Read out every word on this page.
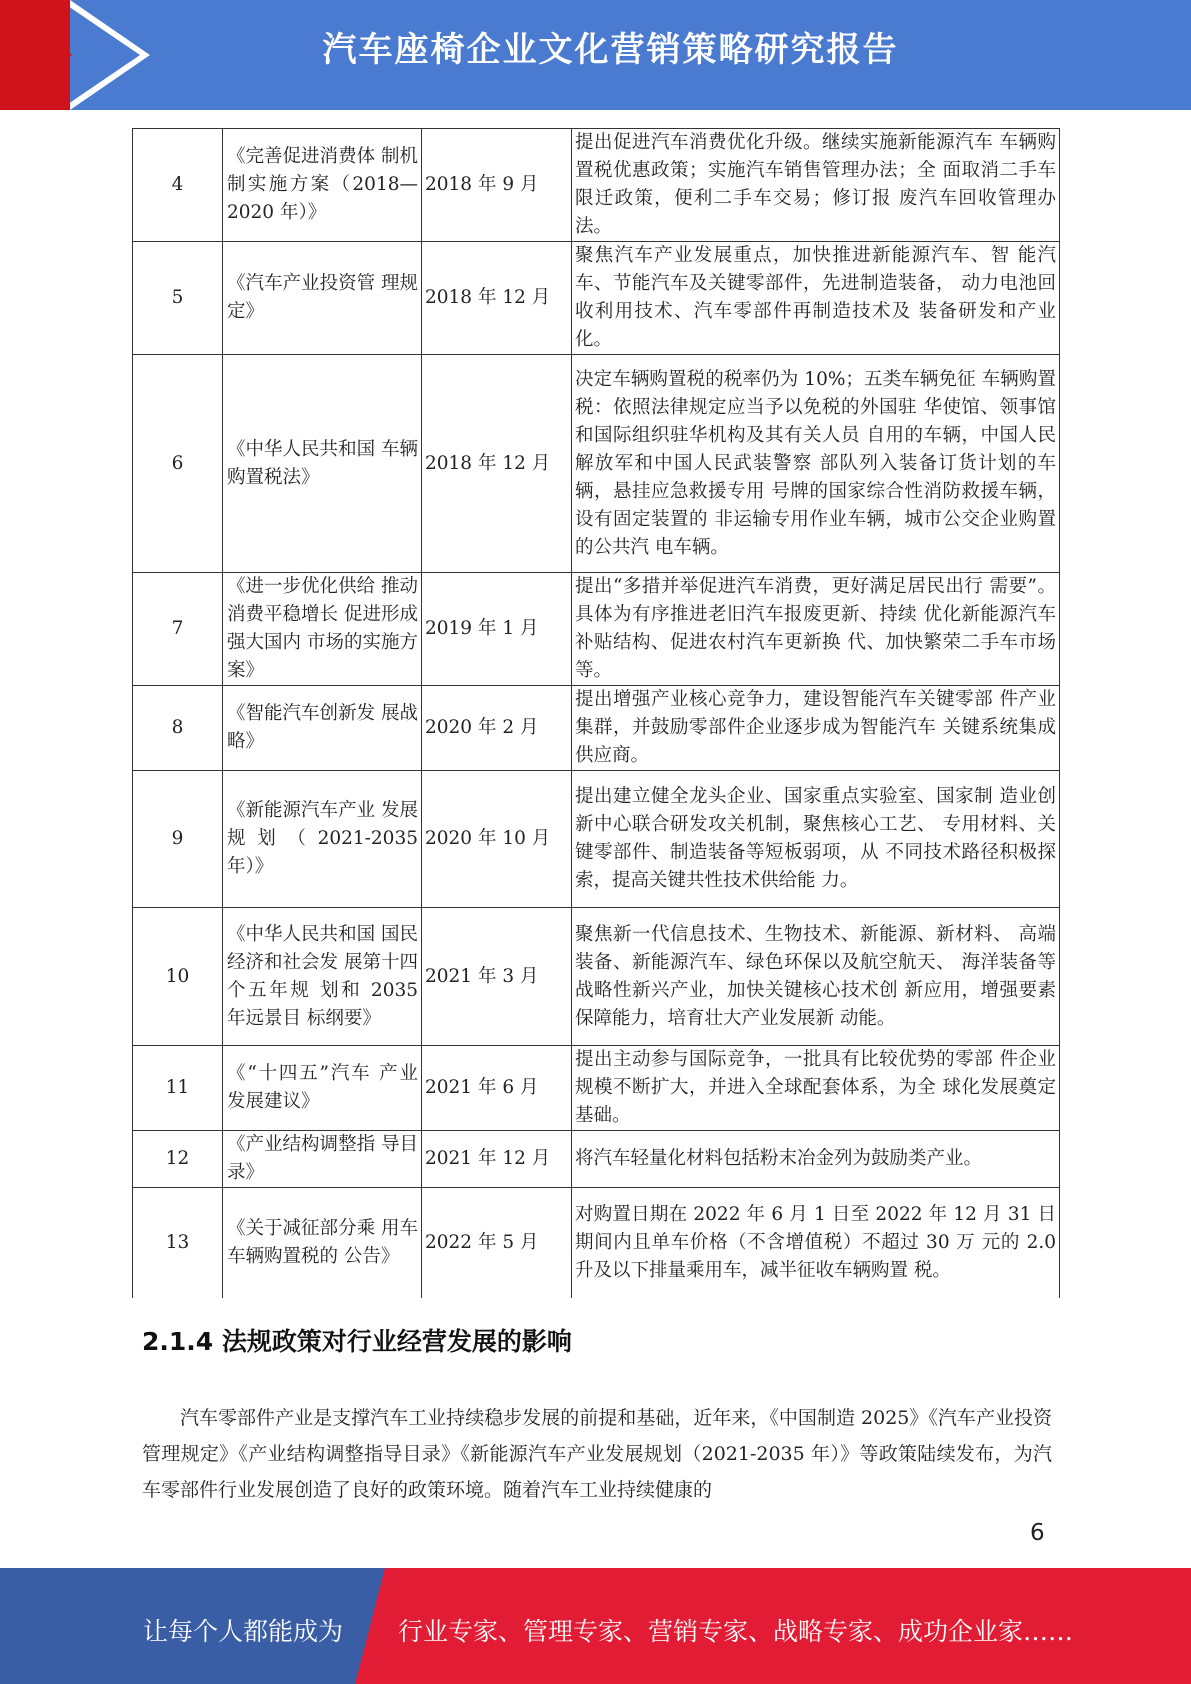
汽车座椅企业文化营销策略研究报告
4	《完善促进消费体 制机制实施方案（2018—2020 年）》	2018 年 9 月	提出促进汽车消费优化升级。继续实施新能源汽车 车辆购置税优惠政策；实施汽车销售管理办法；全 面取消二手车限迁政策，便利二手车交易；修订报 废汽车回收管理办法。
5	《汽车产业投资管 理规定》	2018 年 12 月	聚焦汽车产业发展重点，加快推进新能源汽车、智 能汽车、节能汽车及关键零部件，先进制造装备， 动力电池回收利用技术、汽车零部件再制造技术及 装备研发和产业化。
6	《中华人民共和国 车辆购置税法》	2018 年 12 月	决定车辆购置税的税率仍为 10%；五类车辆免征 车辆购置税：依照法律规定应当予以免税的外国驻 华使馆、领事馆和国际组织驻华机构及其有关人员 自用的车辆，中国人民解放军和中国人民武装警察 部队列入装备订货计划的车辆，悬挂应急救援专用 号牌的国家综合性消防救援车辆，设有固定装置的 非运输专用作业车辆，城市公交企业购置的公共汽 电车辆。
7	《进一步优化供给 推动消费平稳增长 促进形成强大国内 市场的实施方案》	2019 年 1 月	提出“多措并举促进汽车消费，更好满足居民出行 需要”。具体为有序推进老旧汽车报废更新、持续 优化新能源汽车补贴结构、促进农村汽车更新换 代、加快繁荣二手车市场等。
8	《智能汽车创新发 展战略》	2020 年 2 月	提出增强产业核心竞争力，建设智能汽车关键零部 件产业集群，并鼓励零部件企业逐步成为智能汽车 关键系统集成供应商。
9	《新能源汽车产业 发展规划（2021-2035 年）》	2020 年 10 月	提出建立健全龙头企业、国家重点实验室、国家制 造业创新中心联合研发攻关机制，聚焦核心工艺、 专用材料、关键零部件、制造装备等短板弱项，从 不同技术路径积极探索，提高关键共性技术供给能 力。
10	《中华人民共和国 国民经济和社会发 展第十四个五年规 划和 2035 年远景目 标纲要》	2021 年 3 月	聚焦新一代信息技术、生物技术、新能源、新材料、 高端装备、新能源汽车、绿色环保以及航空航天、 海洋装备等战略性新兴产业，加快关键核心技术创 新应用，增强要素保障能力，培育壮大产业发展新 动能。
11	《“十四五”汽车 产业发展建议》	2021 年 6 月	提出主动参与国际竞争，一批具有比较优势的零部 件企业规模不断扩大，并进入全球配套体系，为全 球化发展奠定基础。
12	《产业结构调整指 导目录》	2021 年 12 月	将汽车轻量化材料包括粉末冶金列为鼓励类产业。
13	《关于减征部分乘 用车车辆购置税的 公告》	2022 年 5 月	对购置日期在 2022 年 6 月 1 日至 2022 年 12 月 31 日期间内且单车价格（不含增值税）不超过 30 万 元的 2.0 升及以下排量乘用车，减半征收车辆购置 税。
2.1.4 法规政策对行业经营发展的影响
汽车零部件产业是支撑汽车工业持续稳步发展的前提和基础，近年来，《中国制造 2025》《汽车产业投资管理规定》《产业结构调整指导目录》《新能源汽车产业发展规划（2021-2035 年）》等政策陆续发布，为汽车零部件行业发展创造了良好的政策环境。随着汽车工业持续健康的
6
让每个人都能成为 行业专家、管理专家、营销专家、战略专家、成功企业家……
